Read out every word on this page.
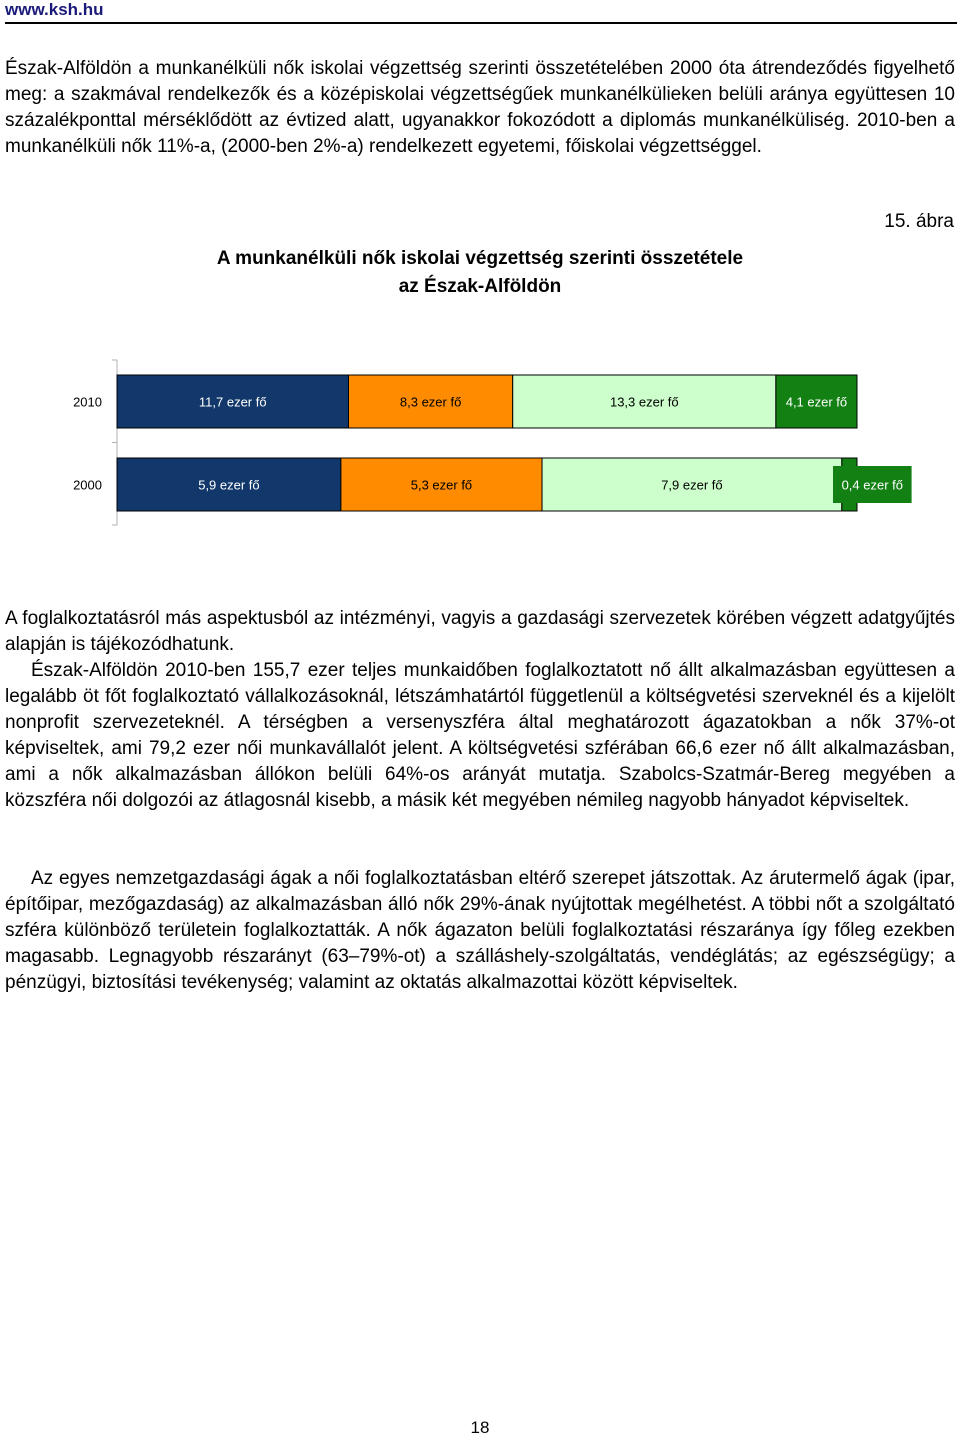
www.ksh.hu

Észak-Alföldön a munkanélküli nők iskolai végzettség szerinti összetételében 2000 óta átrendeződés figyelhető meg: a szakmával rendelkezők és a középiskolai végzettségűek munkanélkülieken belüli aránya együttesen 10 százalékponttal mérséklődött az évtized alatt, ugyanakkor fokozódott a diplomás munkanélküliség. 2010-ben a munkanélküli nők 11%-a, (2000-ben 2%-a) rendelkezett egyetemi, főiskolai végzettséggel.

15. ábra

A munkanélküli nők iskolai végzettség szerinti összetétele

az Észak-Alföldön

2010
2000
11,7 ezer fő	8,3 ezer fő	13,3 ezer fő	4,1 ezer fő
5,9 ezer fő	5,3 ezer fő	7,9 ezer fő	0,4 ezer fő

A foglalkoztatásról más aspektusból az intézményi, vagyis a gazdasági szervezetek körében végzett adatgyűjtés alapján is tájékozódhatunk.

Észak-Alföldön 2010-ben 155,7 ezer teljes munkaidőben foglalkoztatott nő állt alkalmazásban együttesen a legalább öt főt foglalkoztató vállalkozásoknál, létszámhatártól függetlenül a költségvetési szerveknél és a kijelölt nonprofit szervezeteknél. A térségben a versenyszféra által meghatározott ágazatokban a nők 37%-ot képviseltek, ami 79,2 ezer női munkavállalót jelent. A költségvetési szférában 66,6 ezer nő állt alkalmazásban, ami a nők alkalmazásban állókon belüli 64%-os arányát mutatja. Szabolcs-Szatmár-Bereg megyében a közszféra női dolgozói az átlagosnál kisebb, a másik két megyében némileg nagyobb hányadot képviseltek.

Az egyes nemzetgazdasági ágak a női foglalkoztatásban eltérő szerepet játszottak. Az árutermelő ágak (ipar, építőipar, mezőgazdaság) az alkalmazásban álló nők 29%-ának nyújtottak megélhetést. A többi nőt a szolgáltató szféra különböző területein foglalkoztatták. A nők ágazaton belüli foglalkoztatási részaránya így főleg ezekben magasabb. Legnagyobb részarányt (63–79%-ot) a szálláshely-szolgáltatás, vendéglátás; az egészségügy; a pénzügyi, biztosítási tevékenység; valamint az oktatás alkalmazottai között képviseltek.

18
